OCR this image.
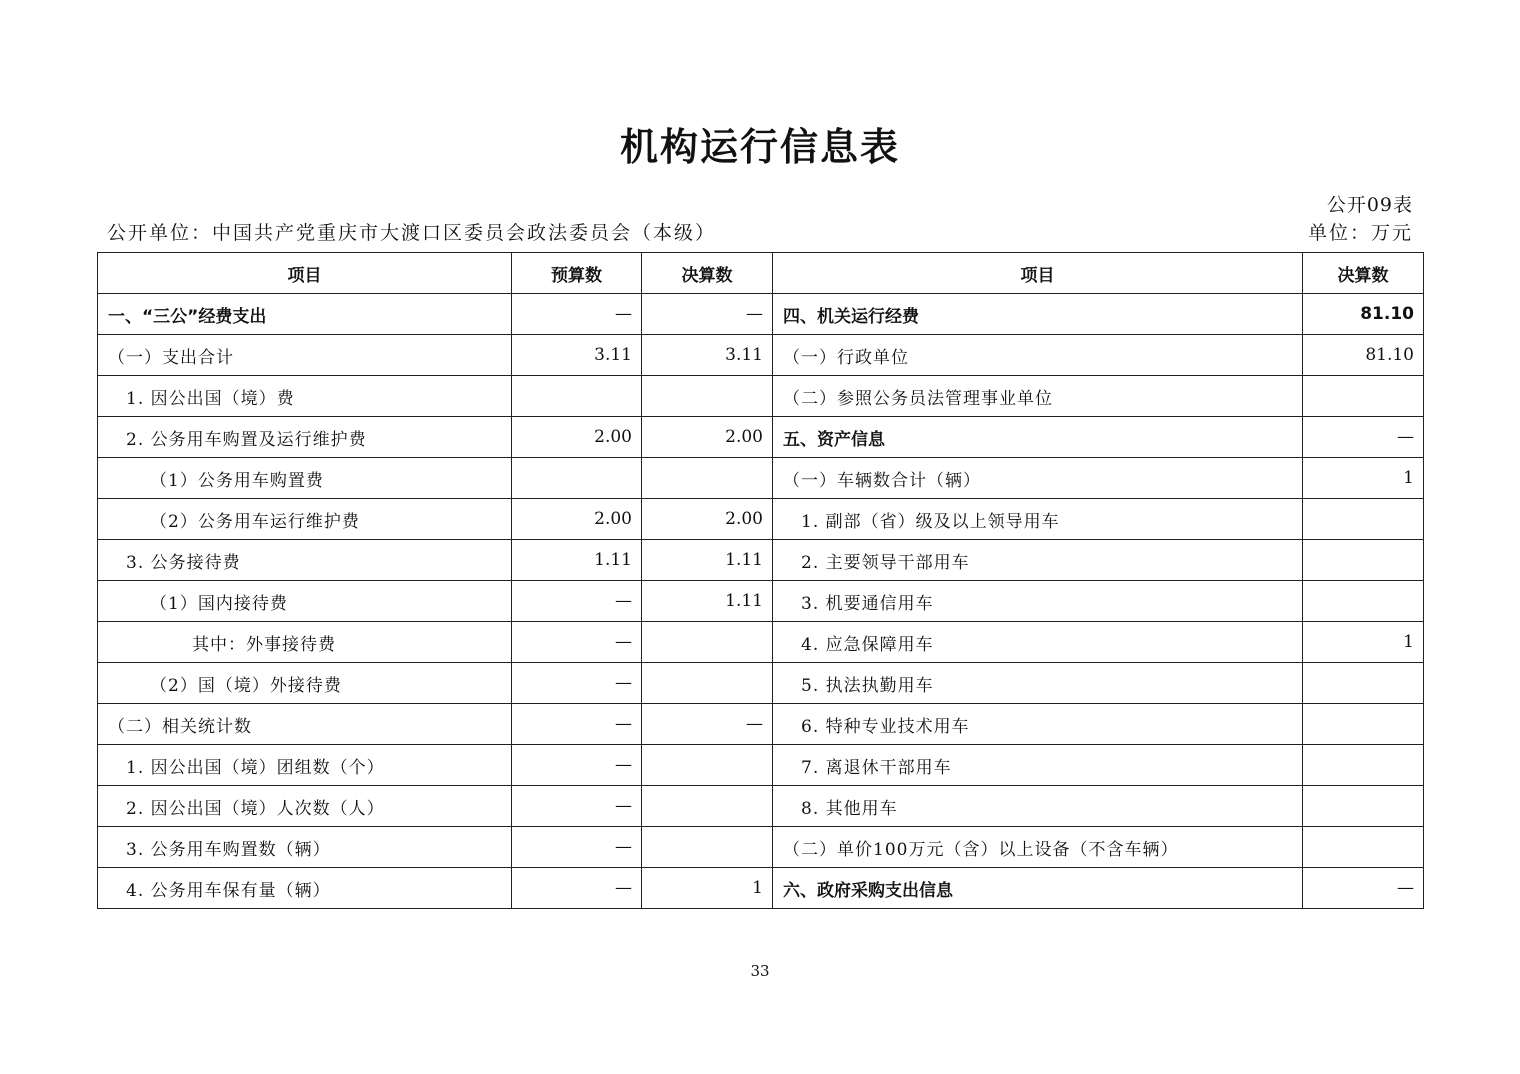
机构运行信息表
公开09表
公开单位：中国共产党重庆市大渡口区委员会政法委员会（本级）	单位：万元
项目	预算数	决算数	项目	决算数
一、“三公”经费支出	—	—	四、机关运行经费	81.10
（一）支出合计	3.11	3.11	（一）行政单位	81.10
1. 因公出国（境）费			（二）参照公务员法管理事业单位	
2. 公务用车购置及运行维护费	2.00	2.00	五、资产信息	—
（1）公务用车购置费			（一）车辆数合计（辆）	1
（2）公务用车运行维护费	2.00	2.00	1. 副部（省）级及以上领导用车	
3. 公务接待费	1.11	1.11	2. 主要领导干部用车	
（1）国内接待费	—	1.11	3. 机要通信用车	
其中：外事接待费	—		4. 应急保障用车	1
（2）国（境）外接待费	—		5. 执法执勤用车	
（二）相关统计数	—	—	6. 特种专业技术用车	
1. 因公出国（境）团组数（个）	—		7. 离退休干部用车	
2. 因公出国（境）人次数（人）	—		8. 其他用车	
3. 公务用车购置数（辆）	—		（二）单价100万元（含）以上设备（不含车辆）	
4. 公务用车保有量（辆）	—	1	六、政府采购支出信息	—
33
